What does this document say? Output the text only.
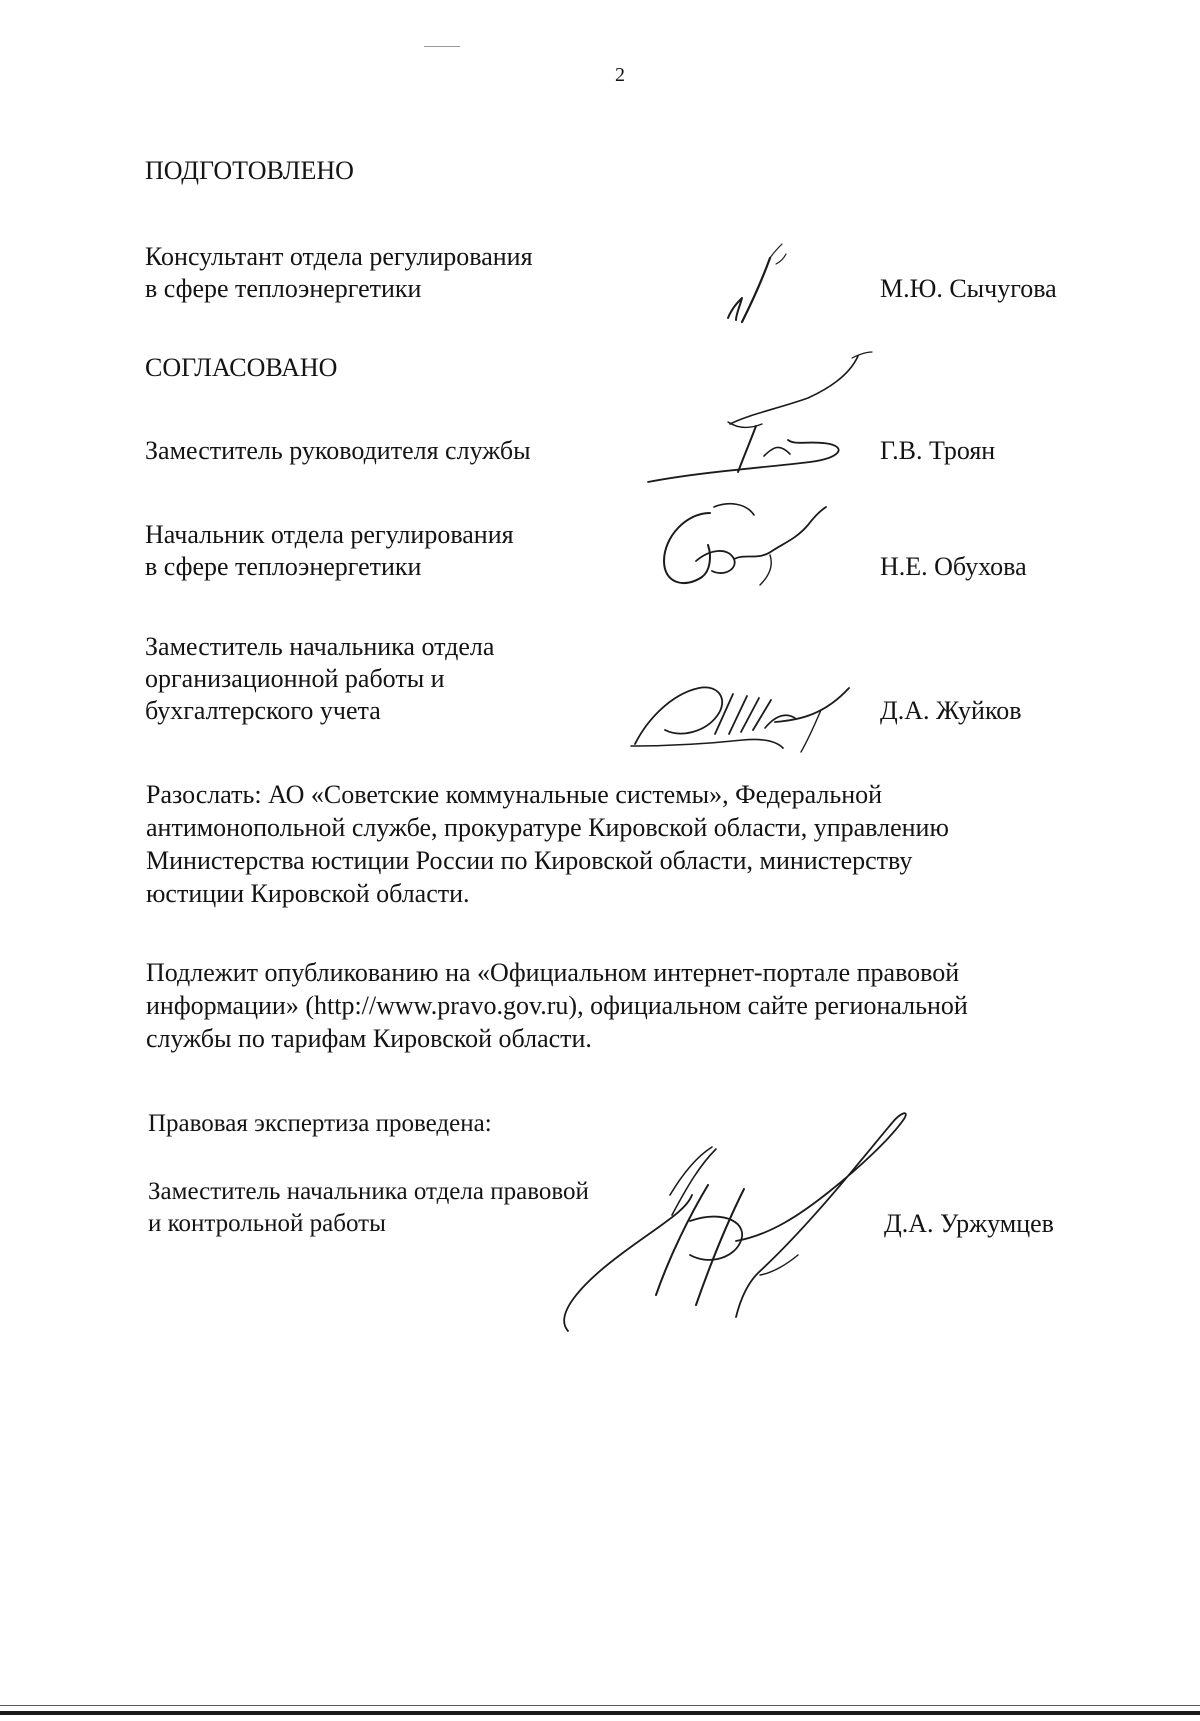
2
ПОДГОТОВЛЕНО
Консультант отдела регулирования
в сфере теплоэнергетики	М.Ю. Сычугова
СОГЛАСОВАНО
Заместитель руководителя службы	Г.В. Троян
Начальник отдела регулирования
в сфере теплоэнергетики	Н.Е. Обухова
Заместитель начальника отдела
организационной работы и
бухгалтерского учета	Д.А. Жуйков
Разослать: АО «Советские коммунальные системы», Федеральной
антимонопольной службе, прокуратуре Кировской области, управлению
Министерства юстиции России по Кировской области, министерству
юстиции Кировской области.
Подлежит опубликованию на «Официальном интернет-портале правовой
информации» (http://www.pravo.gov.ru), официальном сайте региональной
службы по тарифам Кировской области.
Правовая экспертиза проведена:
Заместитель начальника отдела правовой
и контрольной работы	Д.А. Уржумцев
